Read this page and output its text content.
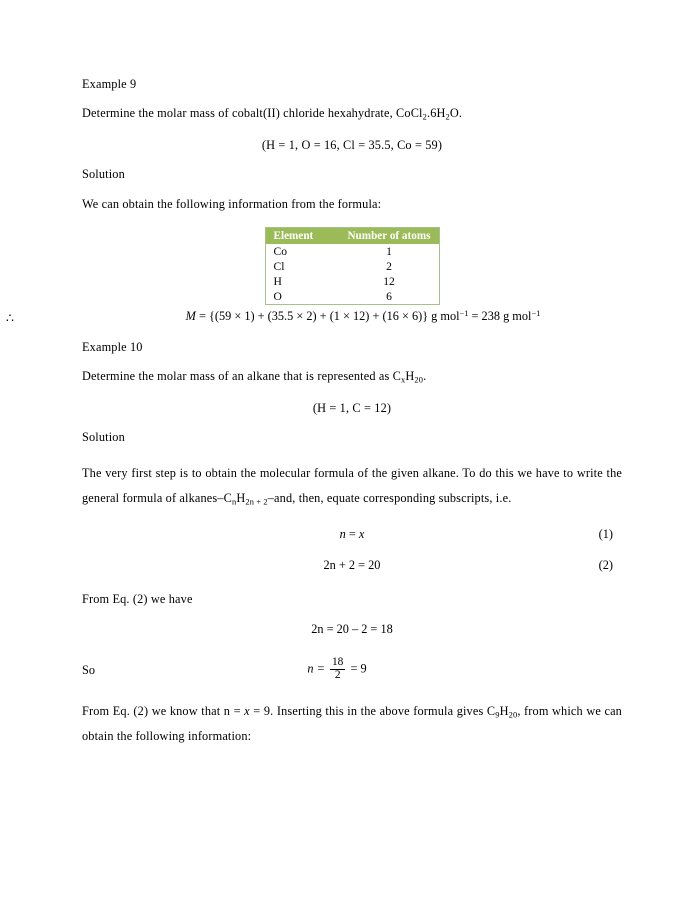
Example 9

Determine the molar mass of cobalt(II) chloride hexahydrate, $CoCl_2.6H_2O$.

(H = 1, O = 16, Cl = 35.5, Co = 59)

Solution

We can obtain the following information from the formula:

Element	Number of atoms
Co	1
Cl	2
H	12
O	6
∴	M = {(59 × 1) + (35.5 × 2) + (1 × 12) + (16 × 6)} g mol$^{-1}$ = 238 g mol$^{-1}$

Example 10

Determine the molar mass of an alkane that is represented as $C_xH_{20}$.

(H = 1, C = 12)

Solution

The very first step is to obtain the molecular formula of the given alkane. To do this we have to write the general formula of alkanes–$C_nH_{2n + 2}$–and, then, equate corresponding subscripts, i.e.

n = x	(1)
2n + 2 = 20	(2)

From Eq. (2) we have

2n = 20 – 2 = 18
So	$n = \frac{18}{2} = 9$

From Eq. (2) we know that n = x = 9. Inserting this in the above formula gives $C_9H_{20}$, from which we can obtain the following information:
